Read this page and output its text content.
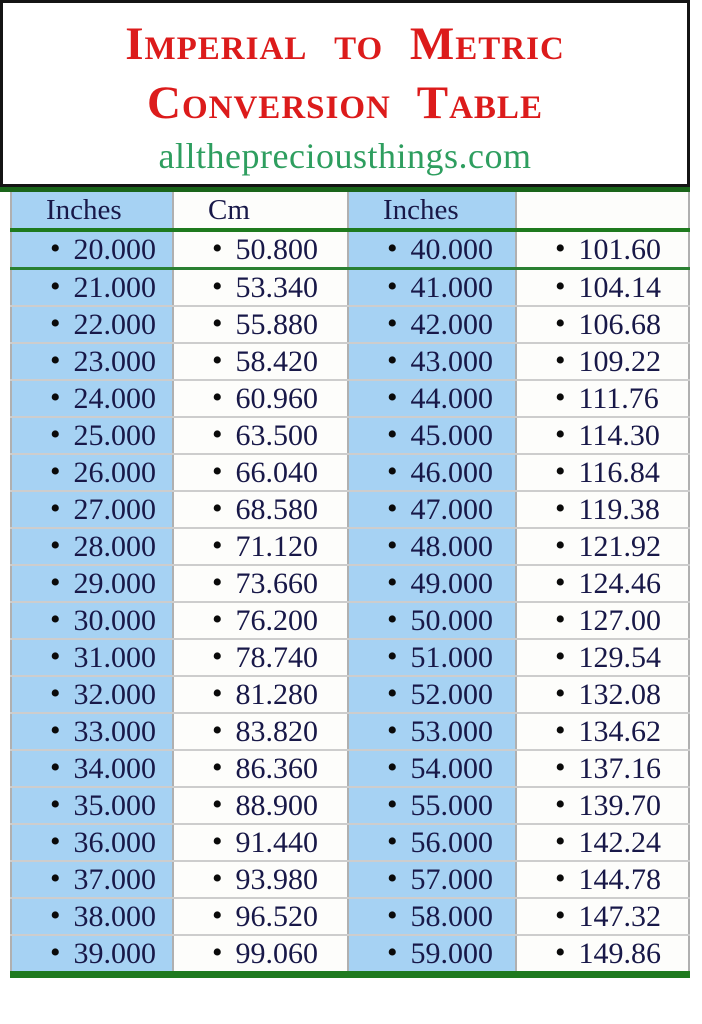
Imperial to Metric
Conversion Table
allthepreciousthings.com
Inches	Cm	Inches	
• 20.000	• 50.800	• 40.000	• 101.60
• 21.000	• 53.340	• 41.000	• 104.14
• 22.000	• 55.880	• 42.000	• 106.68
• 23.000	• 58.420	• 43.000	• 109.22
• 24.000	• 60.960	• 44.000	• 111.76
• 25.000	• 63.500	• 45.000	• 114.30
• 26.000	• 66.040	• 46.000	• 116.84
• 27.000	• 68.580	• 47.000	• 119.38
• 28.000	• 71.120	• 48.000	• 121.92
• 29.000	• 73.660	• 49.000	• 124.46
• 30.000	• 76.200	• 50.000	• 127.00
• 31.000	• 78.740	• 51.000	• 129.54
• 32.000	• 81.280	• 52.000	• 132.08
• 33.000	• 83.820	• 53.000	• 134.62
• 34.000	• 86.360	• 54.000	• 137.16
• 35.000	• 88.900	• 55.000	• 139.70
• 36.000	• 91.440	• 56.000	• 142.24
• 37.000	• 93.980	• 57.000	• 144.78
• 38.000	• 96.520	• 58.000	• 147.32
• 39.000	• 99.060	• 59.000	• 149.86
